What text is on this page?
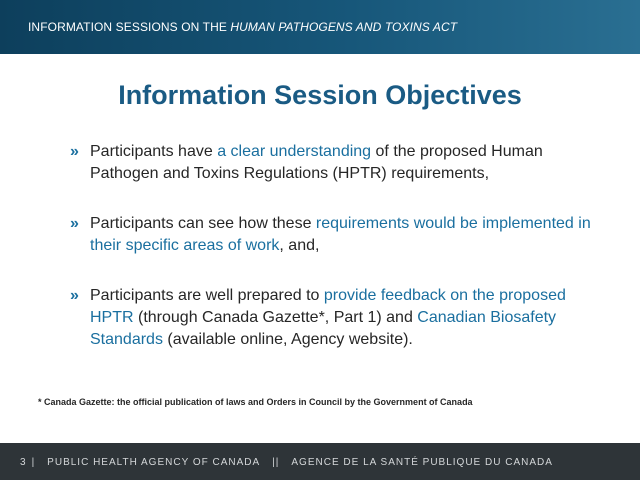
INFORMATION SESSIONS ON THE HUMAN PATHOGENS AND TOXINS ACT
Information Session Objectives
» Participants have a clear understanding of the proposed Human Pathogen and Toxins Regulations (HPTR) requirements,
» Participants can see how these requirements would be implemented in their specific areas of work, and,
» Participants are well prepared to provide feedback on the proposed HPTR (through Canada Gazette*, Part 1) and Canadian Biosafety Standards (available online, Agency website).
* Canada Gazette: the official publication of laws and Orders in Council by the Government of Canada
3 | PUBLIC HEALTH AGENCY OF CANADA || AGENCE DE LA SANTÉ PUBLIQUE DU CANADA
